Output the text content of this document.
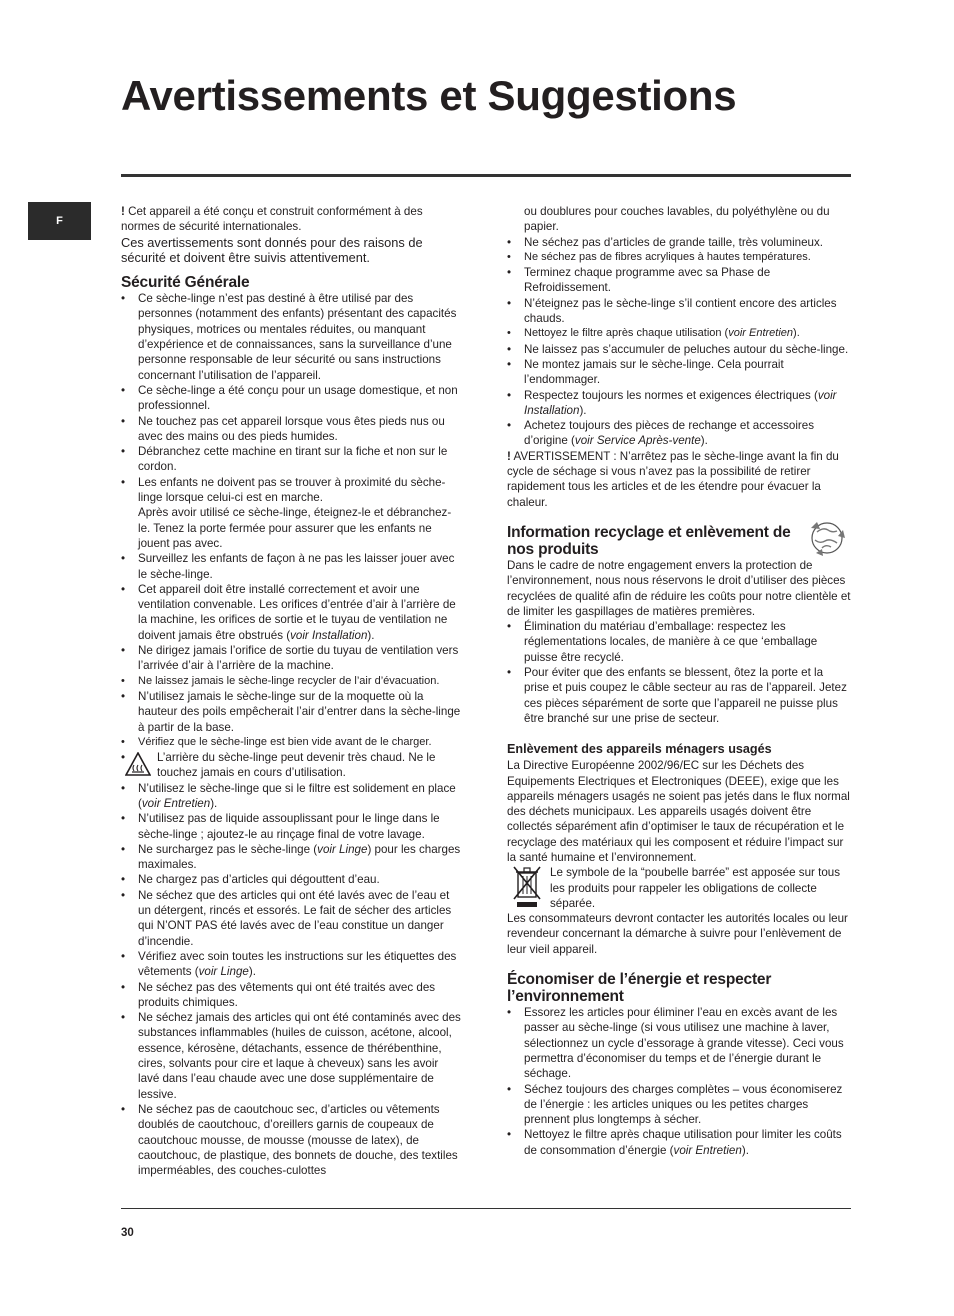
Avertissements et Suggestions
F

! Cet appareil a été conçu et construit conformément à des normes de sécurité internationales.

Ces avertissements sont donnés pour des raisons de sécurité et doivent être suivis attentivement.

Sécurité Générale
• Ce sèche-linge n’est pas destiné à être utilisé par des personnes (notamment des enfants) présentant des capacités physiques, motrices ou mentales réduites, ou manquant d’expérience et de connaissances, sans la surveillance d’une personne responsable de leur sécurité ou sans instructions concernant l’utilisation de l’appareil.
• Ce sèche-linge a été conçu pour un usage domestique, et non professionnel.
• Ne touchez pas cet appareil lorsque vous êtes pieds nus ou avec des mains ou des pieds humides.
• Débranchez cette machine en tirant sur la fiche et non sur le cordon.
• Les enfants ne doivent pas se trouver à proximité du sèche-linge lorsque celui-ci est en marche.
Après avoir utilisé ce sèche-linge, éteignez-le et débranchez-le. Tenez la porte fermée pour assurer que les enfants ne jouent pas avec.
• Surveillez les enfants de façon à ne pas les laisser jouer avec le sèche-linge.
• Cet appareil doit être installé correctement et avoir une ventilation convenable. Les orifices d’entrée d’air à l’arrière de la machine, les orifices de sortie et le tuyau de ventilation ne doivent jamais être obstrués (voir Installation).
• Ne dirigez jamais l’orifice de sortie du tuyau de ventilation vers l’arrivée d’air à l’arrière de la machine.
• Ne laissez jamais le sèche-linge recycler de l’air d’évacuation.
• N’utilisez jamais le sèche-linge sur de la moquette où la hauteur des poils empêcherait l’air d’entrer dans la sèche-linge à partir de la base.
• Vérifiez que le sèche-linge est bien vide avant de le charger.
• L’arrière du sèche-linge peut devenir très chaud. Ne le touchez jamais en cours d’utilisation.
• N’utilisez le sèche-linge que si le filtre est solidement en place (voir Entretien).
• N’utilisez pas de liquide assouplissant pour le linge dans le sèche-linge ; ajoutez-le au rinçage final de votre lavage.
• Ne surchargez pas le sèche-linge (voir Linge) pour les charges maximales.
• Ne chargez pas d’articles qui dégouttent d’eau.
• Ne séchez que des articles qui ont été lavés avec de l’eau et un détergent, rincés et essorés. Le fait de sécher des articles qui N’ONT PAS été lavés avec de l’eau constitue un danger d’incendie.
• Vérifiez avec soin toutes les instructions sur les étiquettes des vêtements (voir Linge).
• Ne séchez pas des vêtements qui ont été traités avec des produits chimiques.
• Ne séchez jamais des articles qui ont été contaminés avec des substances inflammables (huiles de cuisson, acétone, alcool, essence, kérosène, détachants, essence de thérébenthine, cires, solvants pour cire et laque à cheveux) sans les avoir lavé dans l’eau chaude avec une dose supplémentaire de lessive.
• Ne séchez pas de caoutchouc sec, d’articles ou vêtements doublés de caoutchouc, d’oreillers garnis de coupeaux de caoutchouc mousse, de mousse (mousse de latex), de caoutchouc, de plastique, des bonnets de douche, des textiles imperméables, des couches-culottes
ou doublures pour couches lavables, du polyéthylène ou du papier.
• Ne séchez pas d’articles de grande taille, très volumineux.
• Ne séchez pas de fibres acryliques à hautes températures.
• Terminez chaque programme avec sa Phase de Refroidissement.
• N’éteignez pas le sèche-linge s’il contient encore des articles chauds.
• Nettoyez le filtre après chaque utilisation (voir Entretien).
• Ne laissez pas s’accumuler de peluches autour du sèche-linge.
• Ne montez jamais sur le sèche-linge. Cela pourrait l’endommager.
• Respectez toujours les normes et exigences électriques (voir Installation).
• Achetez toujours des pièces de rechange et accessoires d’origine (voir Service Après-vente).

! AVERTISSEMENT : N’arrêtez pas le sèche-linge avant la fin du cycle de séchage si vous n’avez pas la possibilité de retirer rapidement tous les articles et de les étendre pour évacuer la chaleur.

Information recyclage et enlèvement de nos produits

Dans le cadre de notre engagement envers la protection de l’environnement, nous nous réservons le droit d’utiliser des pièces recyclées de qualité afin de réduire les coûts pour notre clientèle et de limiter les gaspillages de matières premières.

• Élimination du matériau d’emballage: respectez les réglementations locales, de manière à ce que ‘emballage puisse être recyclé.
• Pour éviter que des enfants se blessent, ôtez la porte et la prise et puis coupez le câble secteur au ras de l’appareil. Jetez ces pièces séparément de sorte que l’appareil ne puisse plus être branché sur une prise de secteur.
Enlèvement des appareils ménagers usagés

La Directive Européenne 2002/96/EC sur les Déchets des Equipements Electriques et Electroniques (DEEE), exige que les appareils ménagers usagés ne soient pas jetés dans le flux normal des déchets municipaux. Les appareils usagés doivent être collectés séparément afin d’optimiser le taux de récupération et le recyclage des matériaux qui les composent et réduire l’impact sur la santé humaine et l’environnement.

Le symbole de la “poubelle barrée” est apposée sur tous les produits pour rappeler les obligations de collecte séparée.

Les consommateurs devront contacter les autorités locales ou leur revendeur concernant la démarche à suivre pour l’enlèvement de leur vieil appareil.

Économiser de l’énergie et respecter l’environnement
• Essorez les articles pour éliminer l’eau en excès avant de les passer au sèche-linge (si vous utilisez une machine à laver, sélectionnez un cycle d’essorage à grande vitesse). Ceci vous permettra d’économiser du temps et de l’énergie durant le séchage.
• Séchez toujours des charges complètes – vous économiserez de l’énergie : les articles uniques ou les petites charges prennent plus longtemps à sécher.
• Nettoyez le filtre après chaque utilisation pour limiter les coûts de consommation d’énergie (voir Entretien).
30
